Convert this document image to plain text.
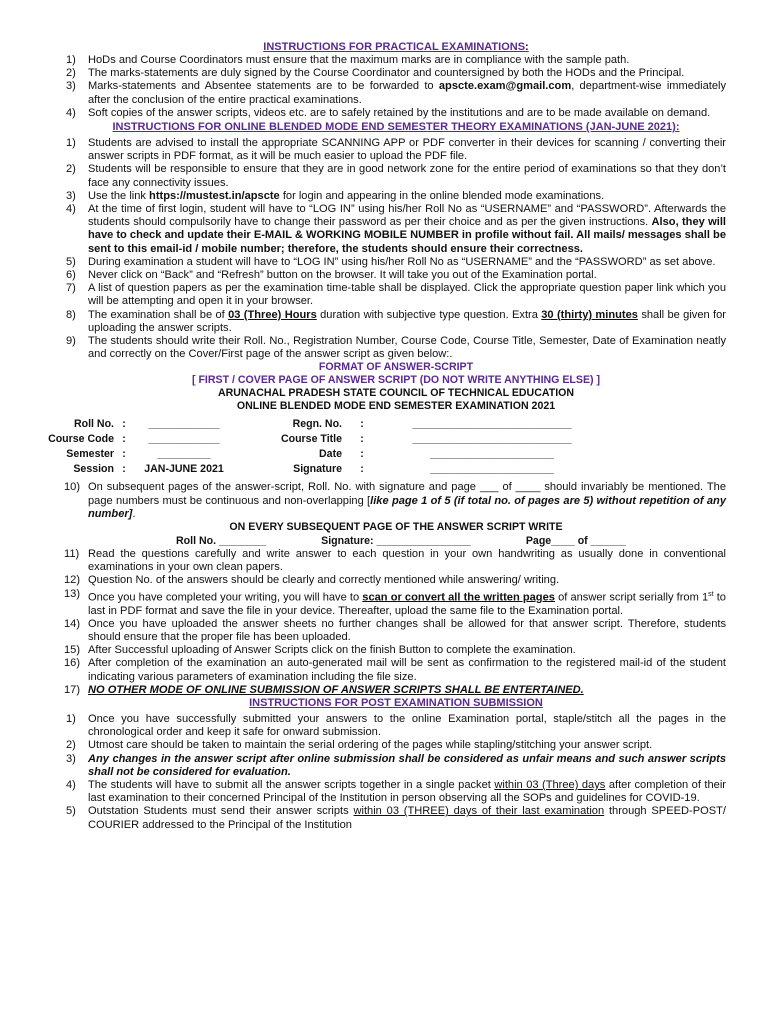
INSTRUCTIONS FOR PRACTICAL EXAMINATIONS:
1)	HoDs and Course Coordinators must ensure that the maximum marks are in compliance with the sample path.
2)	The marks-statements are duly signed by the Course Coordinator and countersigned by both the HODs and the Principal.
3)	Marks-statements and Absentee statements are to be forwarded to apscte.exam@gmail.com, department-wise immediately after the conclusion of the entire practical examinations.
4)	Soft copies of the answer scripts, videos etc. are to safely retained by the institutions and are to be made available on demand.
INSTRUCTIONS FOR ONLINE BLENDED MODE END SEMESTER THEORY EXAMINATIONS (JAN-JUNE 2021):
1)	Students are advised to install the appropriate SCANNING APP or PDF converter in their devices for scanning / converting their answer scripts in PDF format, as it will be much easier to upload the PDF file.
2)	Students will be responsible to ensure that they are in good network zone for the entire period of examinations so that they don’t face any connectivity issues.
3)	Use the link https://mustest.in/apscte for login and appearing in the online blended mode examinations.
4)	At the time of first login, student will have to “LOG IN” using his/her Roll No as “USERNAME” and “PASSWORD”. Afterwards the students should compulsorily have to change their password as per their choice and as per the given instructions. Also, they will have to check and update their E-MAIL & WORKING MOBILE NUMBER in profile without fail. All mails/ messages shall be sent to this email-id / mobile number; therefore, the students should ensure their correctness.
5)	During examination a student will have to “LOG IN” using his/her Roll No as “USERNAME” and the “PASSWORD” as set above.
6)	Never click on “Back” and “Refresh” button on the browser. It will take you out of the Examination portal.
7)	A list of question papers as per the examination time-table shall be displayed. Click the appropriate question paper link which you will be attempting and open it in your browser.
8)	The examination shall be of 03 (Three) Hours duration with subjective type question. Extra 30 (thirty) minutes shall be given for uploading the answer scripts.
9)	The students should write their Roll. No., Registration Number, Course Code, Course Title, Semester, Date of Examination neatly and correctly on the Cover/First page of the answer script as given below:.
FORMAT OF ANSWER-SCRIPT
[ FIRST / COVER PAGE OF ANSWER SCRIPT (DO NOT WRITE ANYTHING ELSE) ]
ARUNACHAL PRADESH STATE COUNCIL OF TECHNICAL EDUCATION
ONLINE BLENDED MODE END SEMESTER EXAMINATION 2021
Roll No. :	____________	Regn. No.	:	___________________________
Course Code :	____________	Course Title	:	___________________________
Semester :	_________	Date	:	_____________________
Session :	JAN-JUNE 2021	Signature	:	_____________________
10) On subsequent pages of the answer-script, Roll. No. with signature and page ___ of ____ should invariably be mentioned. The page numbers must be continuous and non-overlapping [like page 1 of 5 (if total no. of pages are 5) without repetition of any number].
ON EVERY SUBSEQUENT PAGE OF THE ANSWER SCRIPT WRITE
Roll No. ________	Signature: ________________	Page____ of ______
11) Read the questions carefully and write answer to each question in your own handwriting as usually done in conventional examinations in your own clean papers.
12) Question No. of the answers should be clearly and correctly mentioned while answering/ writing.
13) Once you have completed your writing, you will have to scan or convert all the written pages of answer script serially from 1st to last in PDF format and save the file in your device. Thereafter, upload the same file to the Examination portal.
14) Once you have uploaded the answer sheets no further changes shall be allowed for that answer script. Therefore, students should ensure that the proper file has been uploaded.
15) After Successful uploading of Answer Scripts click on the finish Button to complete the examination.
16) After completion of the examination an auto-generated mail will be sent as confirmation to the registered mail-id of the student indicating various parameters of examination including the file size.
17) NO OTHER MODE OF ONLINE SUBMISSION OF ANSWER SCRIPTS SHALL BE ENTERTAINED.
INSTRUCTIONS FOR POST EXAMINATION SUBMISSION
1)	Once you have successfully submitted your answers to the online Examination portal, staple/stitch all the pages in the chronological order and keep it safe for onward submission.
2)	Utmost care should be taken to maintain the serial ordering of the pages while stapling/stitching your answer script.
3)	Any changes in the answer script after online submission shall be considered as unfair means and such answer scripts shall not be considered for evaluation.
4)	The students will have to submit all the answer scripts together in a single packet within 03 (Three) days after completion of their last examination to their concerned Principal of the Institution in person observing all the SOPs and guidelines for COVID-19.
5)	Outstation Students must send their answer scripts within 03 (THREE) days of their last examination through SPEED-POST/ COURIER addressed to the Principal of the Institution
